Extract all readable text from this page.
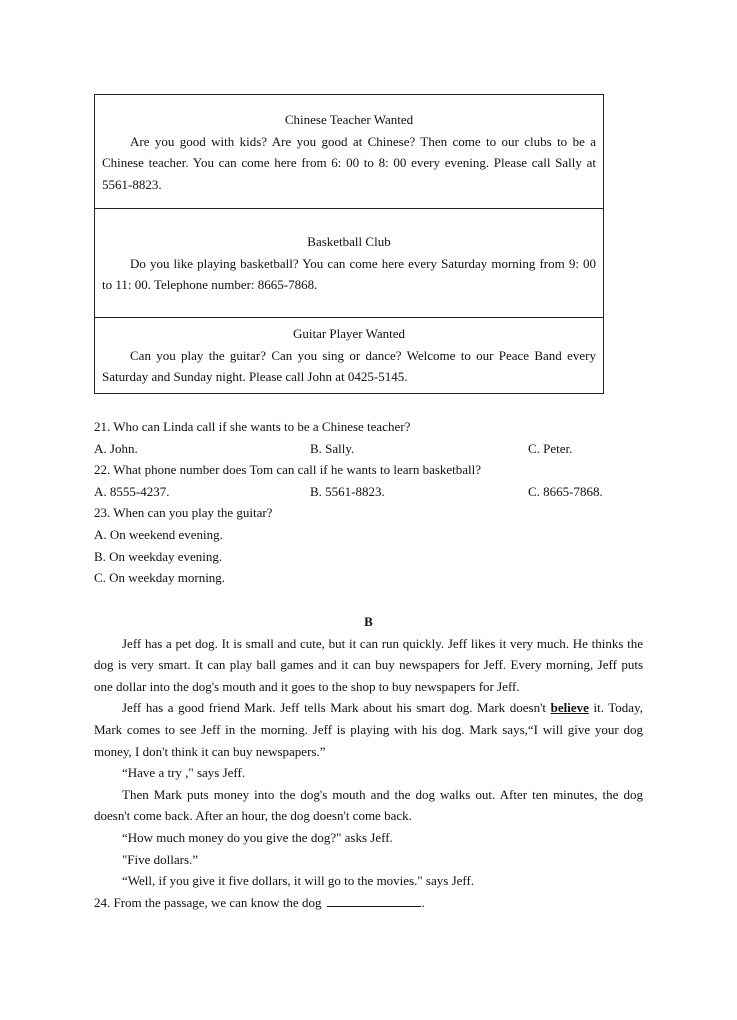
Chinese Teacher Wanted
Are you good with kids? Are you good at Chinese? Then come to our clubs to be a Chinese teacher. You can come here from 6: 00 to 8: 00 every evening. Please call Sally at 5561-8823.
Basketball Club
Do you like playing basketball? You can come here every Saturday morning from 9: 00 to 11: 00. Telephone number: 8665-7868.
Guitar Player Wanted
Can you play the guitar? Can you sing or dance? Welcome to our Peace Band every Saturday and Sunday night. Please call John at 0425-5145.
21. Who can Linda call if she wants to be a Chinese teacher?
A. John.	B. Sally.	C. Peter.
22. What phone number does Tom can call if he wants to learn basketball?
A. 8555-4237.	B. 5561-8823.	C. 8665-7868.
23. When can you play the guitar?
A. On weekend evening.
B. On weekday evening.
C. On weekday morning.
B
Jeff has a pet dog. It is small and cute, but it can run quickly. Jeff likes it very much. He thinks the dog is very smart. It can play ball games and it can buy newspapers for Jeff. Every morning, Jeff puts one dollar into the dog's mouth and it goes to the shop to buy newspapers for Jeff.
Jeff has a good friend Mark. Jeff tells Mark about his smart dog. Mark doesn't believe it. Today, Mark comes to see Jeff in the morning. Jeff is playing with his dog. Mark says,“I will give your dog money, I don't think it can buy newspapers.”
“Have a try ," says Jeff.
Then Mark puts money into the dog's mouth and the dog walks out. After ten minutes, the dog doesn't come back. After an hour, the dog doesn't come back.
“How much money do you give the dog?" asks Jeff.
"Five dollars.”
“Well, if you give it five dollars, it will go to the movies." says Jeff.
24. From the passage, we can know the dog	.
